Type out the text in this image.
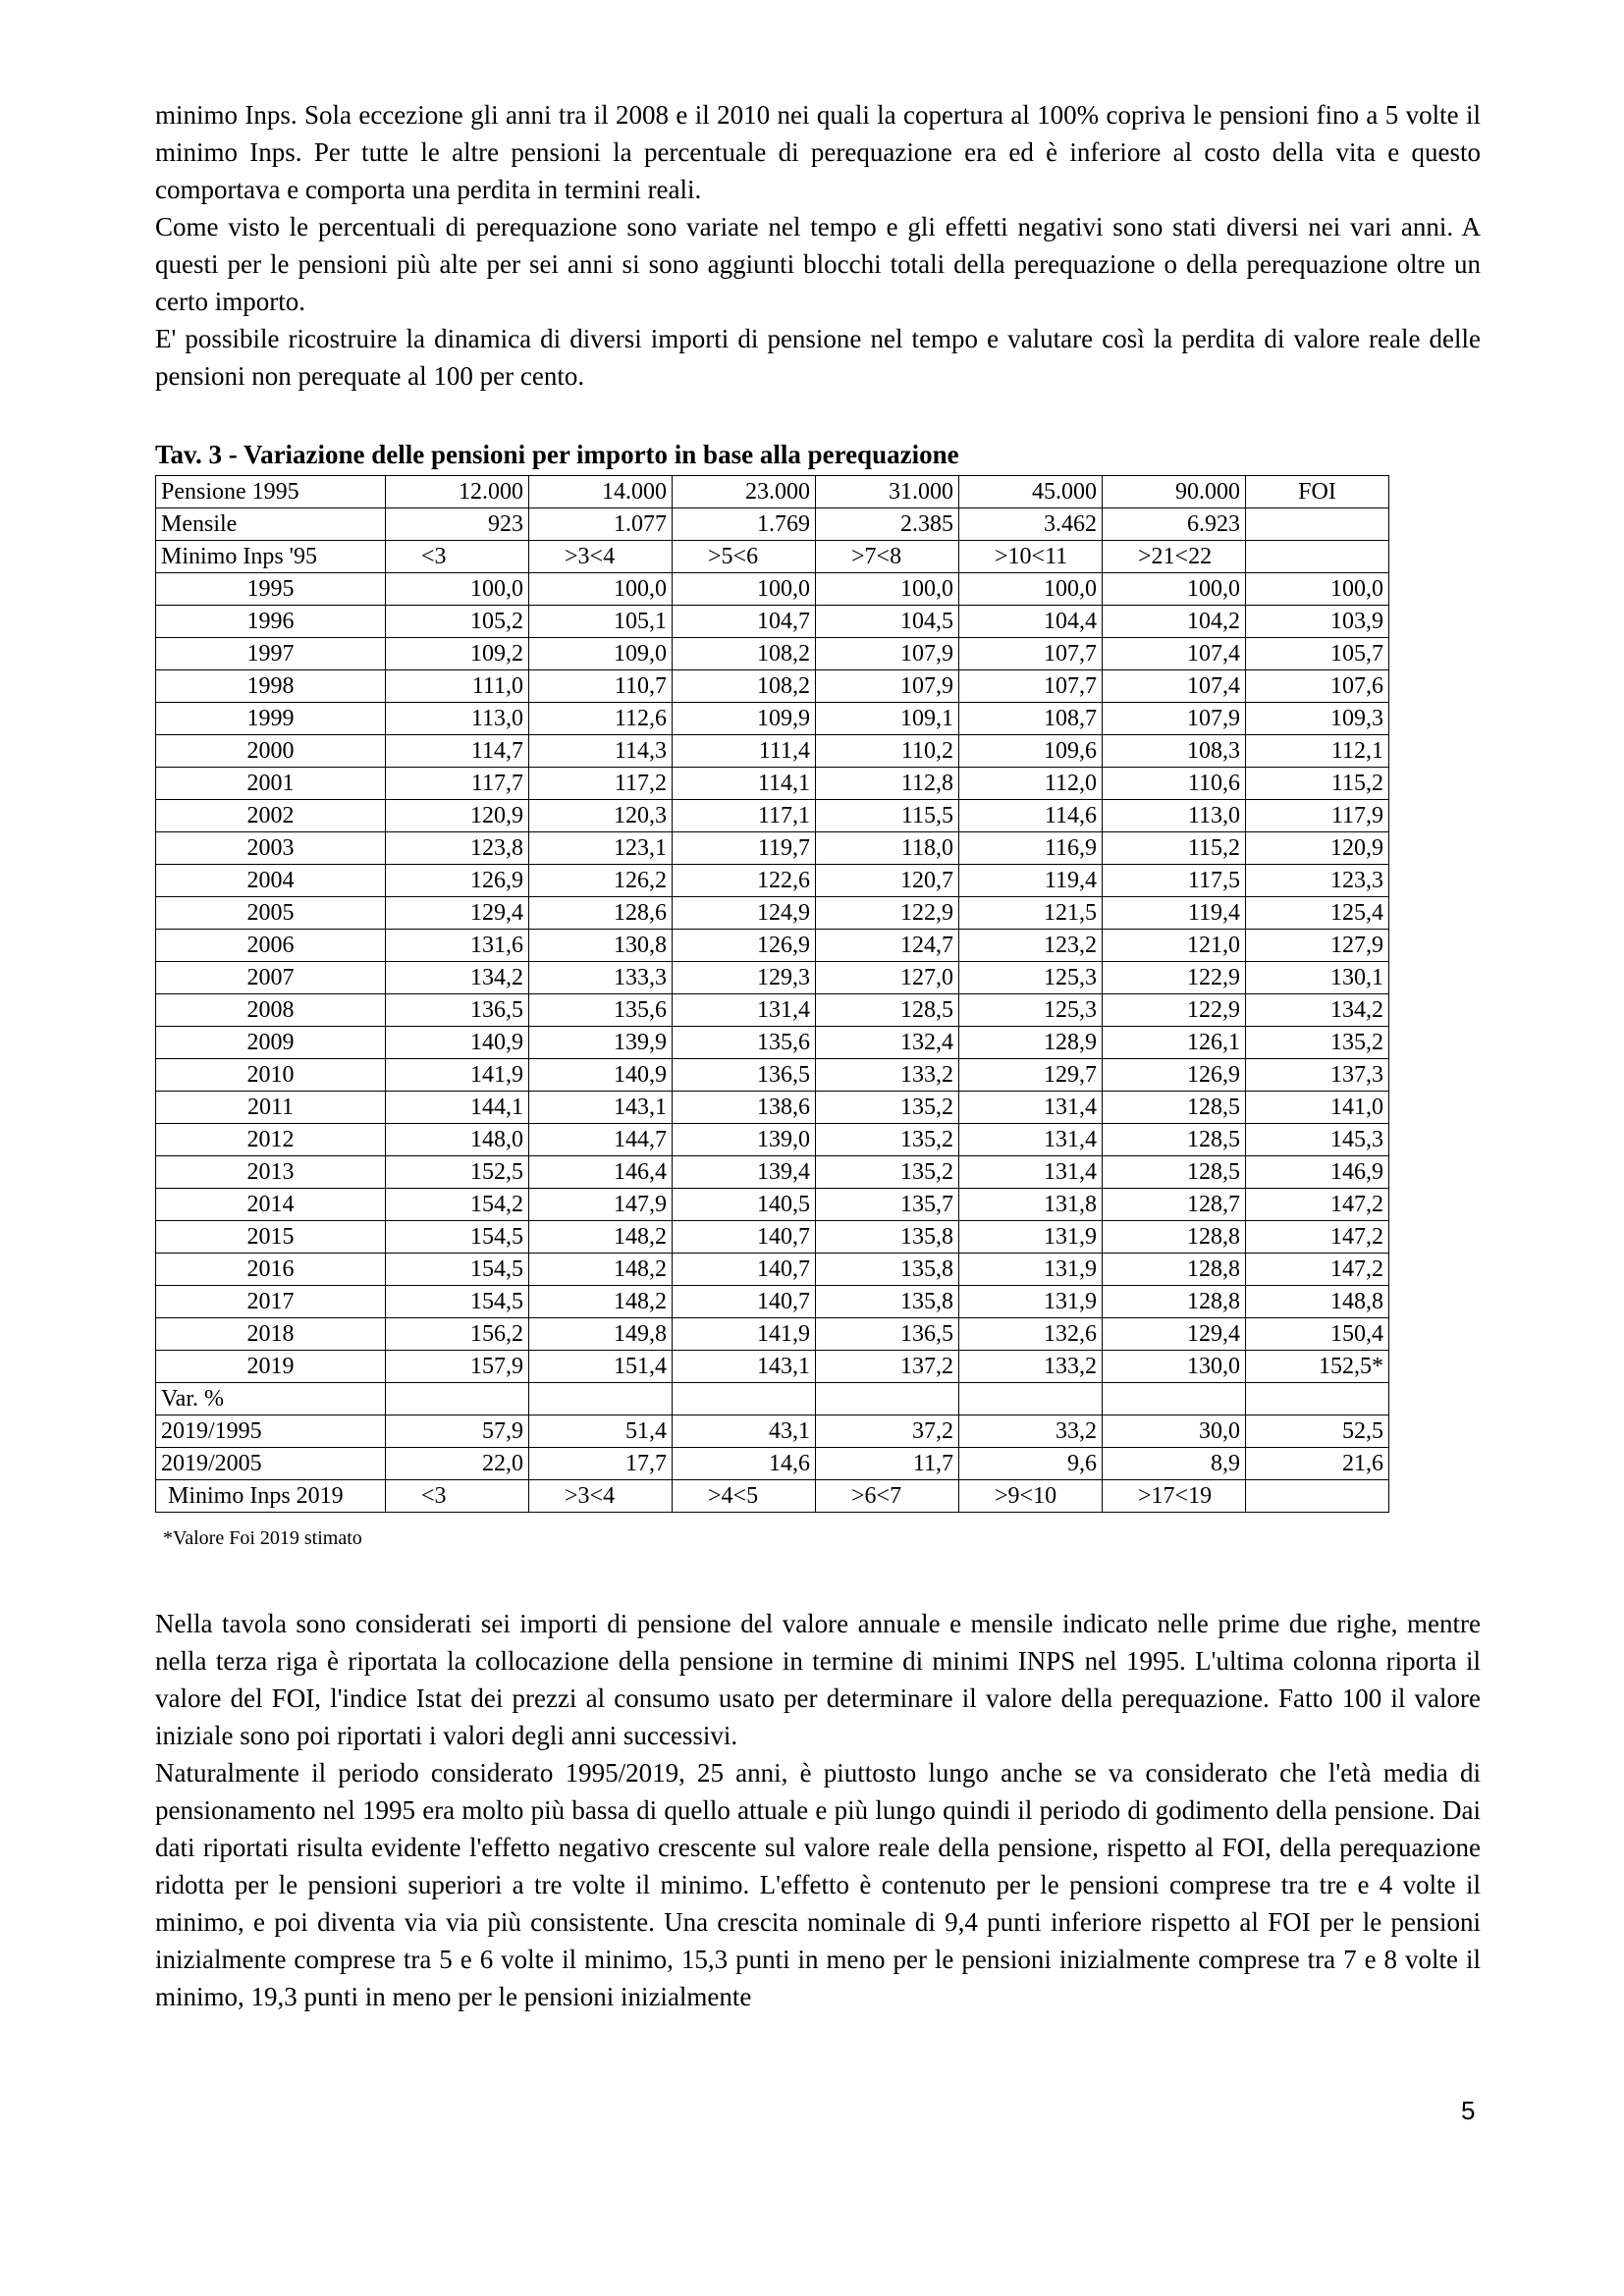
minimo Inps. Sola eccezione gli anni tra il 2008 e il 2010 nei quali la copertura al 100% copriva le pensioni fino a 5 volte il minimo Inps. Per tutte le altre pensioni la percentuale di perequazione era ed è inferiore al costo della vita e questo comportava e comporta una perdita in termini reali.

Come visto le percentuali di perequazione sono variate nel tempo e gli effetti negativi sono stati diversi nei vari anni. A questi per le pensioni più alte per sei anni si sono aggiunti blocchi totali della perequazione o della perequazione oltre un certo importo.

E' possibile ricostruire la dinamica di diversi importi di pensione nel tempo e valutare così la perdita di valore reale delle pensioni non perequate al 100 per cento.

Tav. 3 - Variazione delle pensioni per importo in base alla perequazione
Pensione 1995	12.000	14.000	23.000	31.000	45.000	90.000	FOI
Mensile	923	1.077	1.769	2.385	3.462	6.923	
Minimo Inps '95	<3	>3<4	>5<6	>7<8	>10<11	>21<22	
1995	100,0	100,0	100,0	100,0	100,0	100,0	100,0
1996	105,2	105,1	104,7	104,5	104,4	104,2	103,9
1997	109,2	109,0	108,2	107,9	107,7	107,4	105,7
1998	111,0	110,7	108,2	107,9	107,7	107,4	107,6
1999	113,0	112,6	109,9	109,1	108,7	107,9	109,3
2000	114,7	114,3	111,4	110,2	109,6	108,3	112,1
2001	117,7	117,2	114,1	112,8	112,0	110,6	115,2
2002	120,9	120,3	117,1	115,5	114,6	113,0	117,9
2003	123,8	123,1	119,7	118,0	116,9	115,2	120,9
2004	126,9	126,2	122,6	120,7	119,4	117,5	123,3
2005	129,4	128,6	124,9	122,9	121,5	119,4	125,4
2006	131,6	130,8	126,9	124,7	123,2	121,0	127,9
2007	134,2	133,3	129,3	127,0	125,3	122,9	130,1
2008	136,5	135,6	131,4	128,5	125,3	122,9	134,2
2009	140,9	139,9	135,6	132,4	128,9	126,1	135,2
2010	141,9	140,9	136,5	133,2	129,7	126,9	137,3
2011	144,1	143,1	138,6	135,2	131,4	128,5	141,0
2012	148,0	144,7	139,0	135,2	131,4	128,5	145,3
2013	152,5	146,4	139,4	135,2	131,4	128,5	146,9
2014	154,2	147,9	140,5	135,7	131,8	128,7	147,2
2015	154,5	148,2	140,7	135,8	131,9	128,8	147,2
2016	154,5	148,2	140,7	135,8	131,9	128,8	147,2
2017	154,5	148,2	140,7	135,8	131,9	128,8	148,8
2018	156,2	149,8	141,9	136,5	132,6	129,4	150,4
2019	157,9	151,4	143,1	137,2	133,2	130,0	152,5*
Var. %							
2019/1995	57,9	51,4	43,1	37,2	33,2	30,0	52,5
2019/2005	22,0	17,7	14,6	11,7	9,6	8,9	21,6
Minimo Inps 2019	<3	>3<4	>4<5	>6<7	>9<10	>17<19	
*Valore Foi 2019 stimato

Nella tavola sono considerati sei importi di pensione del valore annuale e mensile indicato nelle prime due righe, mentre nella terza riga è riportata la collocazione della pensione in termine di minimi INPS nel 1995. L'ultima colonna riporta il valore del FOI, l'indice Istat dei prezzi al consumo usato per determinare il valore della perequazione. Fatto 100 il valore iniziale sono poi riportati i valori degli anni successivi.

Naturalmente il periodo considerato 1995/2019, 25 anni, è piuttosto lungo anche se va considerato che l'età media di pensionamento nel 1995 era molto più bassa di quello attuale e più lungo quindi il periodo di godimento della pensione. Dai dati riportati risulta evidente l'effetto negativo crescente sul valore reale della pensione, rispetto al FOI, della perequazione ridotta per le pensioni superiori a tre volte il minimo. L'effetto è contenuto per le pensioni comprese tra tre e 4 volte il minimo, e poi diventa via via più consistente. Una crescita nominale di 9,4 punti inferiore rispetto al FOI per le pensioni inizialmente comprese tra 5 e 6 volte il minimo, 15,3 punti in meno per le pensioni inizialmente comprese tra 7 e 8 volte il minimo, 19,3 punti in meno per le pensioni inizialmente

5
